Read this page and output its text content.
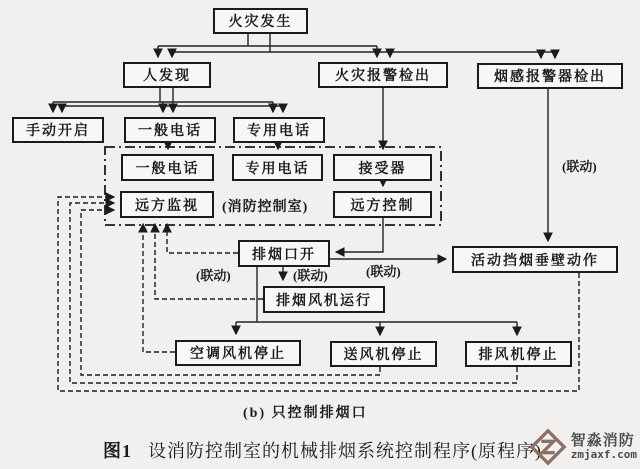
火灾发生
人发现	火灾报警检出	烟感报警器检出
手动开启	一般电话	专用电话
一般电话	专用电话	接受器
远方监视	(消防控制室)	远方控制
排烟口开
排烟风机运行
活动挡烟垂壁动作
空调风机停止	送风机停止	排风机停止
(联动)
(联动)	(联动)	(联动)
(b) 只控制排烟口
图1 设消防控制室的机械排烟系统控制程序(原程序)
智淼消防
zmjaxf.com
